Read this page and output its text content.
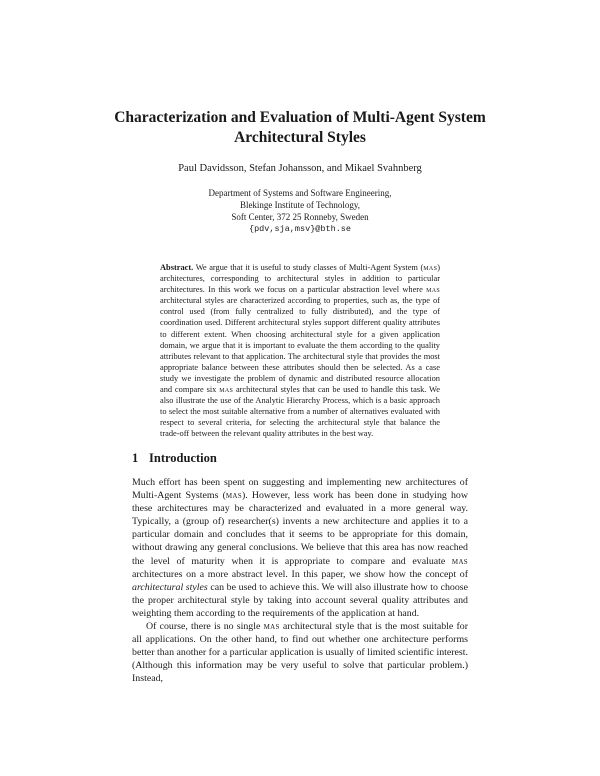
Characterization and Evaluation of Multi-Agent System
Architectural Styles
Paul Davidsson, Stefan Johansson, and Mikael Svahnberg
Department of Systems and Software Engineering,
Blekinge Institute of Technology,
Soft Center, 372 25 Ronneby, Sweden
{pdv,sja,msv}@bth.se
Abstract. We argue that it is useful to study classes of Multi-Agent System (mas) architectures, corresponding to architectural styles in addition to particular architectures. In this work we focus on a particular abstraction level where mas architectural styles are characterized according to properties, such as, the type of control used (from fully centralized to fully distributed), and the type of coordination used. Different architectural styles support different quality attributes to different extent. When choosing architectural style for a given application domain, we argue that it is important to evaluate the them according to the quality attributes relevant to that application. The architectural style that provides the most appropriate balance between these attributes should then be selected. As a case study we investigate the problem of dynamic and distributed resource allocation and compare six mas architectural styles that can be used to handle this task. We also illustrate the use of the Analytic Hierarchy Process, which is a basic approach to select the most suitable alternative from a number of alternatives evaluated with respect to several criteria, for selecting the architectural style that balance the trade-off between the relevant quality attributes in the best way.
1 Introduction

Much effort has been spent on suggesting and implementing new architectures of Multi-Agent Systems (mas). However, less work has been done in studying how these architectures may be characterized and evaluated in a more general way. Typically, a (group of) researcher(s) invents a new architecture and applies it to a particular domain and concludes that it seems to be appropriate for this domain, without drawing any general conclusions. We believe that this area has now reached the level of maturity when it is appropriate to compare and evaluate mas architectures on a more abstract level. In this paper, we show how the concept of architectural styles can be used to achieve this. We will also illustrate how to choose the proper architectural style by taking into account several quality attributes and weighting them according to the requirements of the application at hand.

Of course, there is no single mas architectural style that is the most suitable for all applications. On the other hand, to find out whether one architecture performs better than another for a particular application is usually of limited scientific interest. (Although this information may be very useful to solve that particular problem.) Instead,
